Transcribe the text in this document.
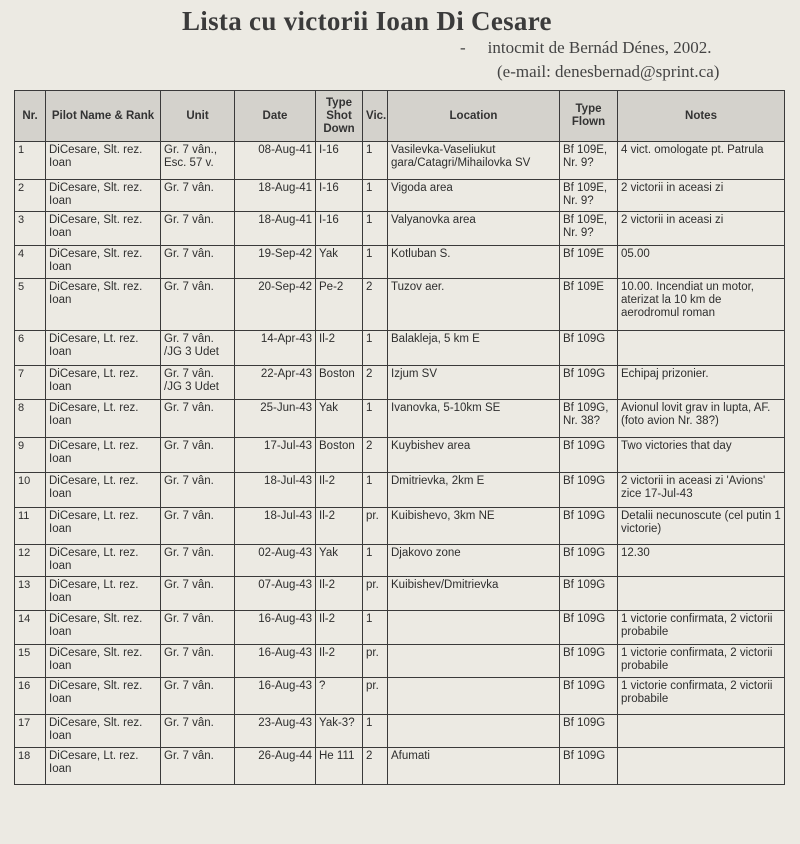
Lista cu victorii Ioan Di Cesare
- intocmit de Bernád Dénes, 2002.
(e-mail: denesbernad@sprint.ca)
Nr.	Pilot Name & Rank	Unit	Date	Type Shot Down	Vic.	Location	Type Flown	Notes
1	DiCesare, Slt. rez. Ioan	Gr. 7 vân., Esc. 57 v.	08-Aug-41	I-16	1	Vasilevka-Vaseliukut gara/Catagri/Mihailovka SV	Bf 109E, Nr. 9?	4 vict. omologate pt. Patrula
2	DiCesare, Slt. rez. Ioan	Gr. 7 vân.	18-Aug-41	I-16	1	Vigoda area	Bf 109E, Nr. 9?	2 victorii in aceasi zi
3	DiCesare, Slt. rez. Ioan	Gr. 7 vân.	18-Aug-41	I-16	1	Valyanovka area	Bf 109E, Nr. 9?	2 victorii in aceasi zi
4	DiCesare, Slt. rez. Ioan	Gr. 7 vân.	19-Sep-42	Yak	1	Kotluban S.	Bf 109E	05.00
5	DiCesare, Slt. rez. Ioan	Gr. 7 vân.	20-Sep-42	Pe-2	2	Tuzov aer.	Bf 109E	10.00. Incendiat un motor, aterizat la 10 km de aerodromul roman
6	DiCesare, Lt. rez. Ioan	Gr. 7 vân. /JG 3 Udet	14-Apr-43	Il-2	1	Balakleja, 5 km E	Bf 109G	
7	DiCesare, Lt. rez. Ioan	Gr. 7 vân. /JG 3 Udet	22-Apr-43	Boston	2	Izjum SV	Bf 109G	Echipaj prizonier.
8	DiCesare, Lt. rez. Ioan	Gr. 7 vân.	25-Jun-43	Yak	1	Ivanovka, 5-10km SE	Bf 109G, Nr. 38?	Avionul lovit grav in lupta, AF. (foto avion Nr. 38?)
9	DiCesare, Lt. rez. Ioan	Gr. 7 vân.	17-Jul-43	Boston	2	Kuybishev area	Bf 109G	Two victories that day
10	DiCesare, Lt. rez. Ioan	Gr. 7 vân.	18-Jul-43	Il-2	1	Dmitrievka, 2km E	Bf 109G	2 victorii in aceasi zi 'Avions' zice 17-Jul-43
11	DiCesare, Lt. rez. Ioan	Gr. 7 vân.	18-Jul-43	Il-2	pr.	Kuibishevo, 3km NE	Bf 109G	Detalii necunoscute (cel putin 1 victorie)
12	DiCesare, Lt. rez. Ioan	Gr. 7 vân.	02-Aug-43	Yak	1	Djakovo zone	Bf 109G	12.30
13	DiCesare, Lt. rez. Ioan	Gr. 7 vân.	07-Aug-43	Il-2	pr.	Kuibishev/Dmitrievka	Bf 109G	
14	DiCesare, Slt. rez. Ioan	Gr. 7 vân.	16-Aug-43	Il-2	1		Bf 109G	1 victorie confirmata, 2 victorii probabile
15	DiCesare, Slt. rez. Ioan	Gr. 7 vân.	16-Aug-43	Il-2	pr.		Bf 109G	1 victorie confirmata, 2 victorii probabile
16	DiCesare, Slt. rez. Ioan	Gr. 7 vân.	16-Aug-43	?	pr.		Bf 109G	1 victorie confirmata, 2 victorii probabile
17	DiCesare, Slt. rez. Ioan	Gr. 7 vân.	23-Aug-43	Yak-3?	1		Bf 109G	
18	DiCesare, Lt. rez. Ioan	Gr. 7 vân.	26-Aug-44	He 111	2	Afumati	Bf 109G	
